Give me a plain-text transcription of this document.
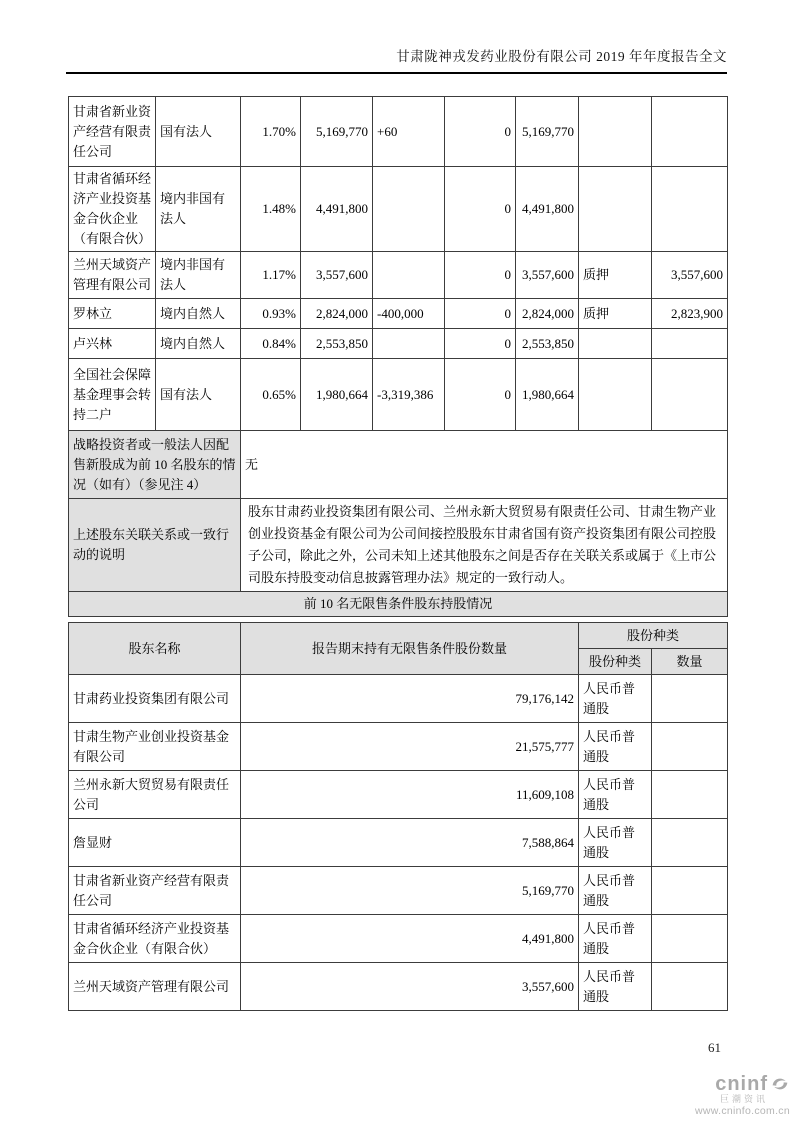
甘肃陇神戎发药业股份有限公司 2019 年年度报告全文
甘肃省新业资产经营有限责任公司	国有法人	1.70%	5,169,770	+60	0	5,169,770		
甘肃省循环经济产业投资基金合伙企业（有限合伙）	境内非国有法人	1.48%	4,491,800		0	4,491,800		
兰州天域资产管理有限公司	境内非国有法人	1.17%	3,557,600		0	3,557,600	质押	3,557,600
罗林立	境内自然人	0.93%	2,824,000	-400,000	0	2,824,000	质押	2,823,900
卢兴林	境内自然人	0.84%	2,553,850		0	2,553,850		
全国社会保障基金理事会转持二户	国有法人	0.65%	1,980,664	-3,319,386	0	1,980,664		
战略投资者或一般法人因配售新股成为前 10 名股东的情况（如有）（参见注 4）		无						
上述股东关联关系或一致行动的说明		股东甘肃药业投资集团有限公司、兰州永新大贸贸易有限责任公司、甘肃生物产业创业投资基金有限公司为公司间接控股股东甘肃省国有资产投资集团有限公司控股子公司，除此之外，公司未知上述其他股东之间是否存在关联关系或属于《上市公司股东持股变动信息披露管理办法》规定的一致行动人。						
前 10 名无限售条件股东持股情况								
股东名称	报告期末持有无限售条件股份数量	股份种类	
		股份种类	数量
甘肃药业投资集团有限公司	79,176,142	人民币普通股	
甘肃生物产业创业投资基金有限公司	21,575,777	人民币普通股	
兰州永新大贸贸易有限责任公司	11,609,108	人民币普通股	
詹显财	7,588,864	人民币普通股	
甘肃省新业资产经营有限责任公司	5,169,770	人民币普通股	
甘肃省循环经济产业投资基金合伙企业（有限合伙）	4,491,800	人民币普通股	
兰州天域资产管理有限公司	3,557,600	人民币普通股	
61
cninf
巨潮资讯
www.cninfo.com.cn
